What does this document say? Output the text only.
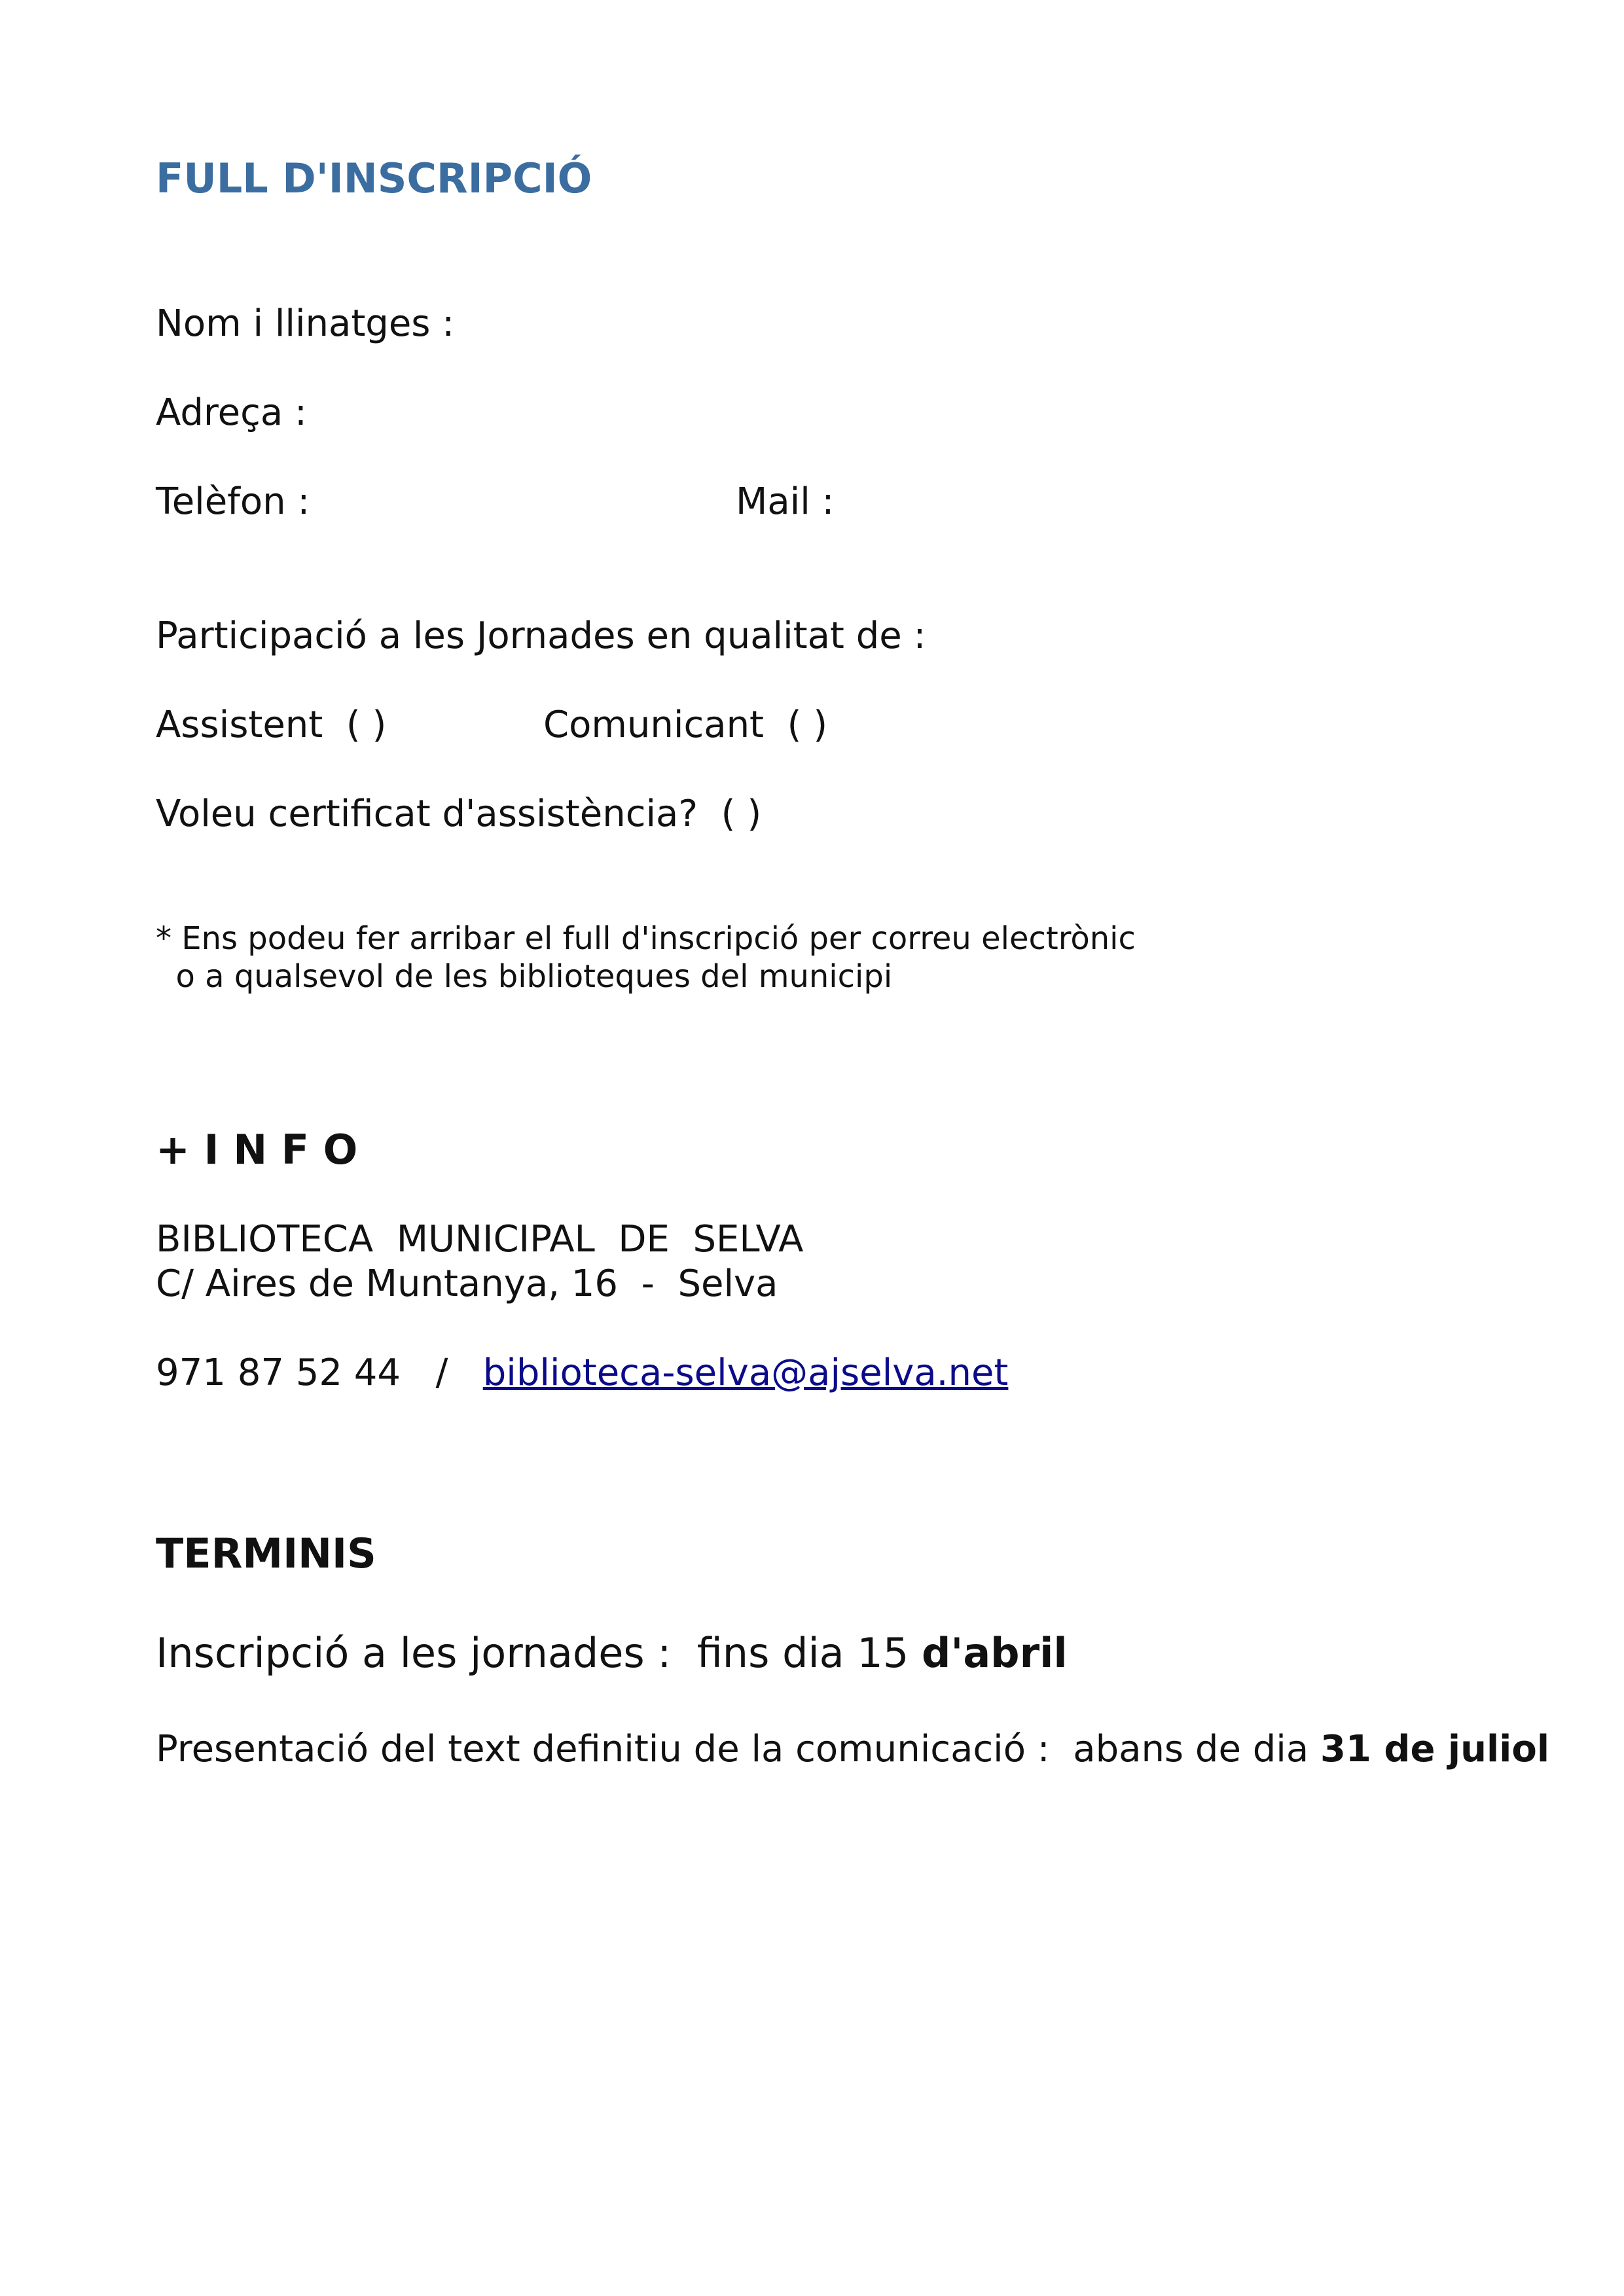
FULL D'INSCRIPCIÓ
Nom i llinatges :
Adreça :
Telèfon :	Mail :
Participació a les Jornades en qualitat de :
Assistent  ( )	Comunicant  ( )
Voleu certificat d'assistència?  ( )
* Ens podeu fer arribar el full d'inscripció per correu electrònic
o a qualsevol de les biblioteques del municipi
+ I N F O
BIBLIOTECA  MUNICIPAL  DE  SELVA
C/ Aires de Muntanya, 16  -  Selva
971 87 52 44   /   biblioteca-selva@ajselva.net
TERMINIS
Inscripció a les jornades :  fins dia 15 d'abril
Presentació del text definitiu de la comunicació :  abans de dia 31 de juliol
